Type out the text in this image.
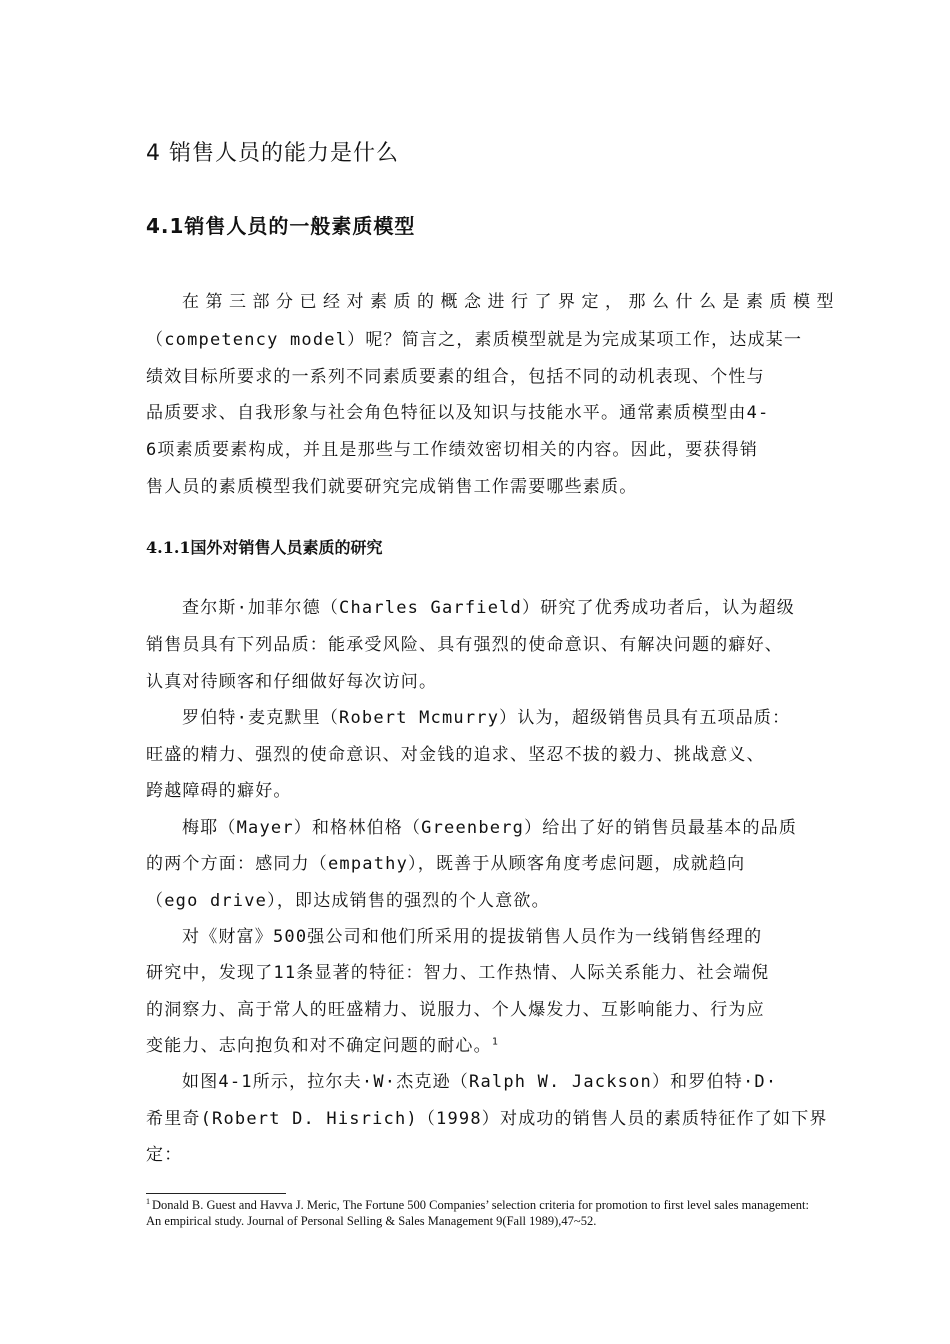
4 销售人员的能力是什么
4.1销售人员的一般素质模型
在第三部分已经对素质的概念进行了界定，那么什么是素质模型
（competency model）呢？简言之，素质模型就是为完成某项工作，达成某一
绩效目标所要求的一系列不同素质要素的组合，包括不同的动机表现、个性与
品质要求、自我形象与社会角色特征以及知识与技能水平。通常素质模型由4-
6项素质要素构成，并且是那些与工作绩效密切相关的内容。因此，要获得销
售人员的素质模型我们就要研究完成销售工作需要哪些素质。
4.1.1国外对销售人员素质的研究
查尔斯·加菲尔德（Charles Garfield）研究了优秀成功者后，认为超级
销售员具有下列品质：能承受风险、具有强烈的使命意识、有解决问题的癖好、
认真对待顾客和仔细做好每次访问。
罗伯特·麦克默里（Robert Mcmurry）认为，超级销售员具有五项品质：
旺盛的精力、强烈的使命意识、对金钱的追求、坚忍不拔的毅力、挑战意义、
跨越障碍的癖好。
梅耶（Mayer）和格林伯格（Greenberg）给出了好的销售员最基本的品质
的两个方面：感同力（empathy），既善于从顾客角度考虑问题，成就趋向
（ego drive），即达成销售的强烈的个人意欲。
对《财富》500强公司和他们所采用的提拔销售人员作为一线销售经理的
研究中，发现了11条显著的特征：智力、工作热情、人际关系能力、社会端倪
的洞察力、高于常人的旺盛精力、说服力、个人爆发力、互影响能力、行为应
变能力、志向抱负和对不确定问题的耐心。$^1$
如图4-1所示，拉尔夫·W·杰克逊（Ralph W. Jackson）和罗伯特·D·
希里奇(Robert D. Hisrich)（1998）对成功的销售人员的素质特征作了如下界
定：
$^1$ Donald B. Guest and Havva J. Meric, The Fortune 500 Companies’ selection criteria for promotion to first level sales management: An empirical study. Journal of Personal Selling & Sales Management 9(Fall 1989),47~52.
